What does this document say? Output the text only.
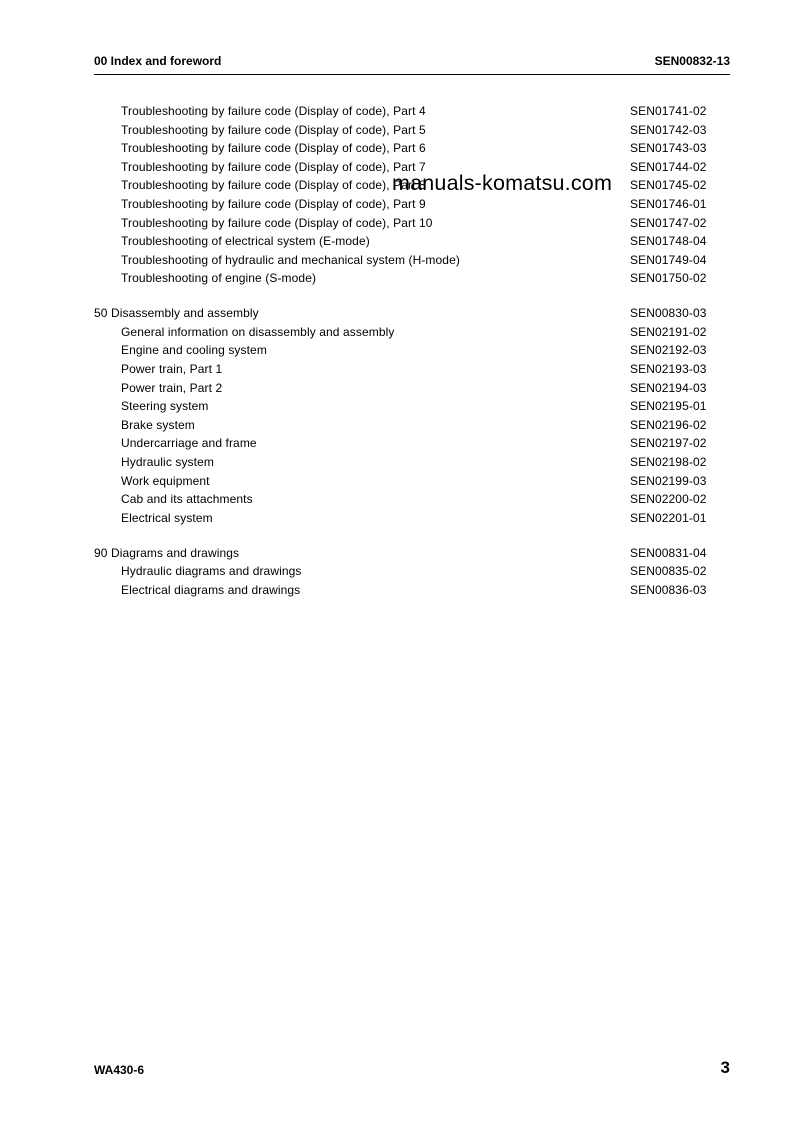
00 Index and foreword	SEN00832-13
Troubleshooting by failure code (Display of code), Part 4	SEN01741-02
Troubleshooting by failure code (Display of code), Part 5	SEN01742-03
Troubleshooting by failure code (Display of code), Part 6	SEN01743-03
Troubleshooting by failure code (Display of code), Part 7	SEN01744-02
Troubleshooting by failure code (Display of code), Part 8	SEN01745-02
Troubleshooting by failure code (Display of code), Part 9	SEN01746-01
Troubleshooting by failure code (Display of code), Part 10	SEN01747-02
Troubleshooting of electrical system (E-mode)	SEN01748-04
Troubleshooting of hydraulic and mechanical system (H-mode)	SEN01749-04
Troubleshooting of engine (S-mode)	SEN01750-02
50 Disassembly and assembly	SEN00830-03
General information on disassembly and assembly	SEN02191-02
Engine and cooling system	SEN02192-03
Power train, Part 1	SEN02193-03
Power train, Part 2	SEN02194-03
Steering system	SEN02195-01
Brake system	SEN02196-02
Undercarriage and frame	SEN02197-02
Hydraulic system	SEN02198-02
Work equipment	SEN02199-03
Cab and its attachments	SEN02200-02
Electrical system	SEN02201-01
90 Diagrams and drawings	SEN00831-04
Hydraulic diagrams and drawings	SEN00835-02
Electrical diagrams and drawings	SEN00836-03
manuals-komatsu.com
WA430-6	3
